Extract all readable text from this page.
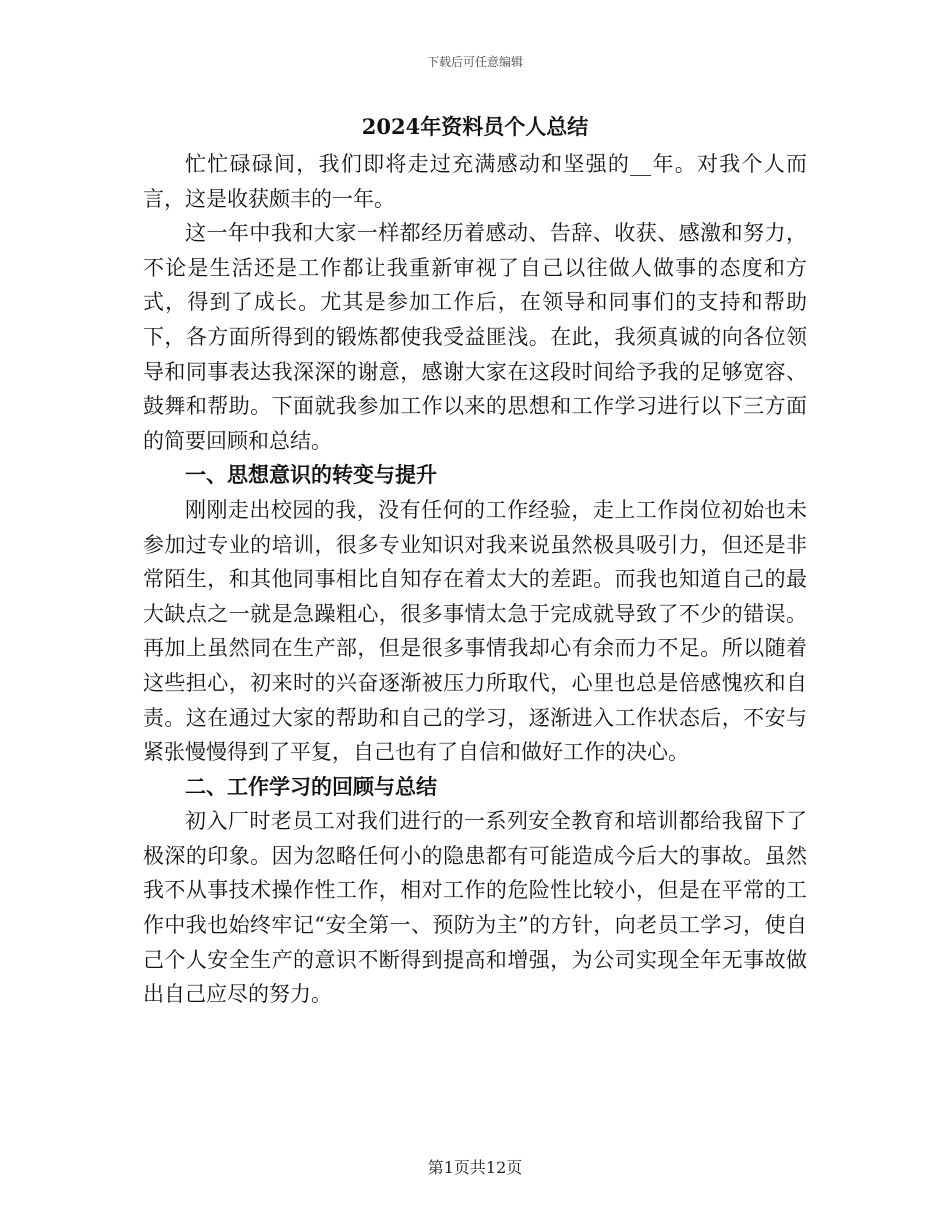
下载后可任意编辑
2024年资料员个人总结

忙忙碌碌间，我们即将走过充满感动和坚强的__年。对我个人而言，这是收获颇丰的一年。

这一年中我和大家一样都经历着感动、告辞、收获、感激和努力，不论是生活还是工作都让我重新审视了自己以往做人做事的态度和方式，得到了成长。尤其是参加工作后，在领导和同事们的支持和帮助下，各方面所得到的锻炼都使我受益匪浅。在此，我须真诚的向各位领导和同事表达我深深的谢意，感谢大家在这段时间给予我的足够宽容、鼓舞和帮助。下面就我参加工作以来的思想和工作学习进行以下三方面的简要回顾和总结。

一、思想意识的转变与提升

刚刚走出校园的我，没有任何的工作经验，走上工作岗位初始也未参加过专业的培训，很多专业知识对我来说虽然极具吸引力，但还是非常陌生，和其他同事相比自知存在着太大的差距。而我也知道自己的最大缺点之一就是急躁粗心，很多事情太急于完成就导致了不少的错误。再加上虽然同在生产部，但是很多事情我却心有余而力不足。所以随着这些担心，初来时的兴奋逐渐被压力所取代，心里也总是倍感愧疚和自责。这在通过大家的帮助和自己的学习，逐渐进入工作状态后，不安与紧张慢慢得到了平复，自己也有了自信和做好工作的决心。

二、工作学习的回顾与总结

初入厂时老员工对我们进行的一系列安全教育和培训都给我留下了极深的印象。因为忽略任何小的隐患都有可能造成今后大的事故。虽然我不从事技术操作性工作，相对工作的危险性比较小，但是在平常的工作中我也始终牢记“安全第一、预防为主”的方针，向老员工学习，使自己个人安全生产的意识不断得到提高和增强，为公司实现全年无事故做出自己应尽的努力。

第1页共12页
